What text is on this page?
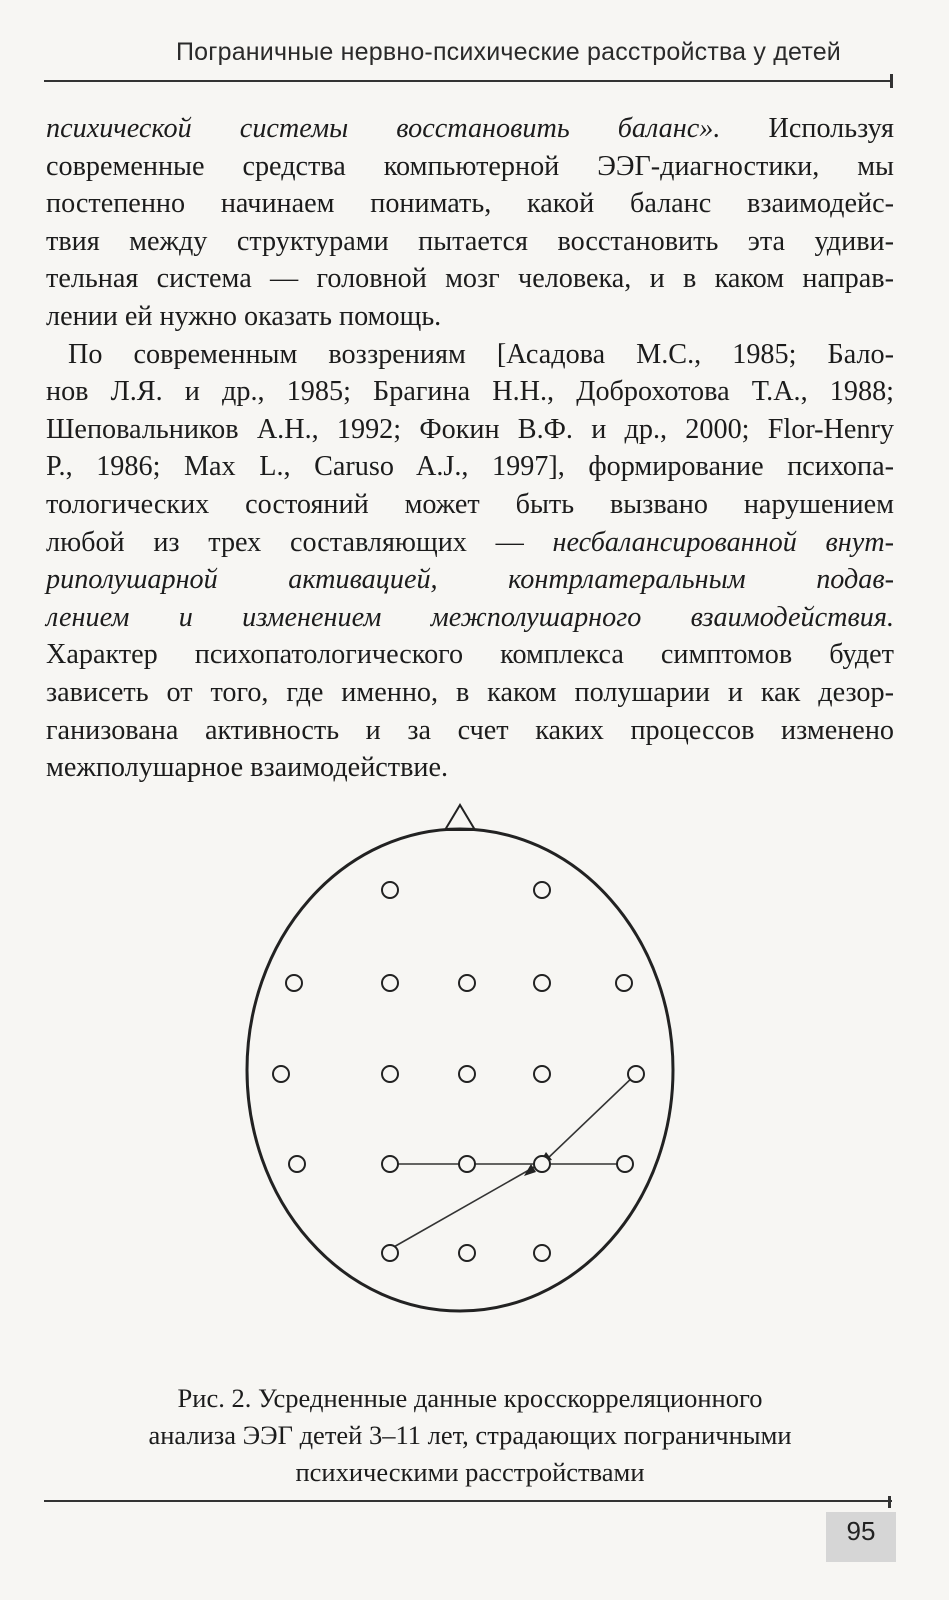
Пограничные нервно-психические расстройства у детей

психической системы восстановить баланс». Используя
современные средства компьютерной ЭЭГ-диагностики, мы
постепенно начинаем понимать, какой баланс взаимодейс-
твия между структурами пытается восстановить эта удиви-
тельная система — головной мозг человека, и в каком направ-
лении ей нужно оказать помощь.

По современным воззрениям [Асадова М.С., 1985; Бало-
нов Л.Я. и др., 1985; Брагина Н.Н., Доброхотова Т.А., 1988;
Шеповальников А.Н., 1992; Фокин В.Ф. и др., 2000; Flor-Henry
P., 1986; Max L., Caruso A.J., 1997], формирование психопа-
тологических состояний может быть вызвано нарушением
любой из трех составляющих — несбалансированной внут-
риполушарной активацией, контрлатеральным подав-
лением и изменением межполушарного взаимодействия.
Характер психопатологического комплекса симптомов будет
зависеть от того, где именно, в каком полушарии и как дезор-
ганизована активность и за счет каких процессов изменено
межполушарное взаимодействие.

Рис. 2. Усредненные данные кросскорреляционного
анализа ЭЭГ детей 3–11 лет, страдающих пограничными
психическими расстройствами
95
